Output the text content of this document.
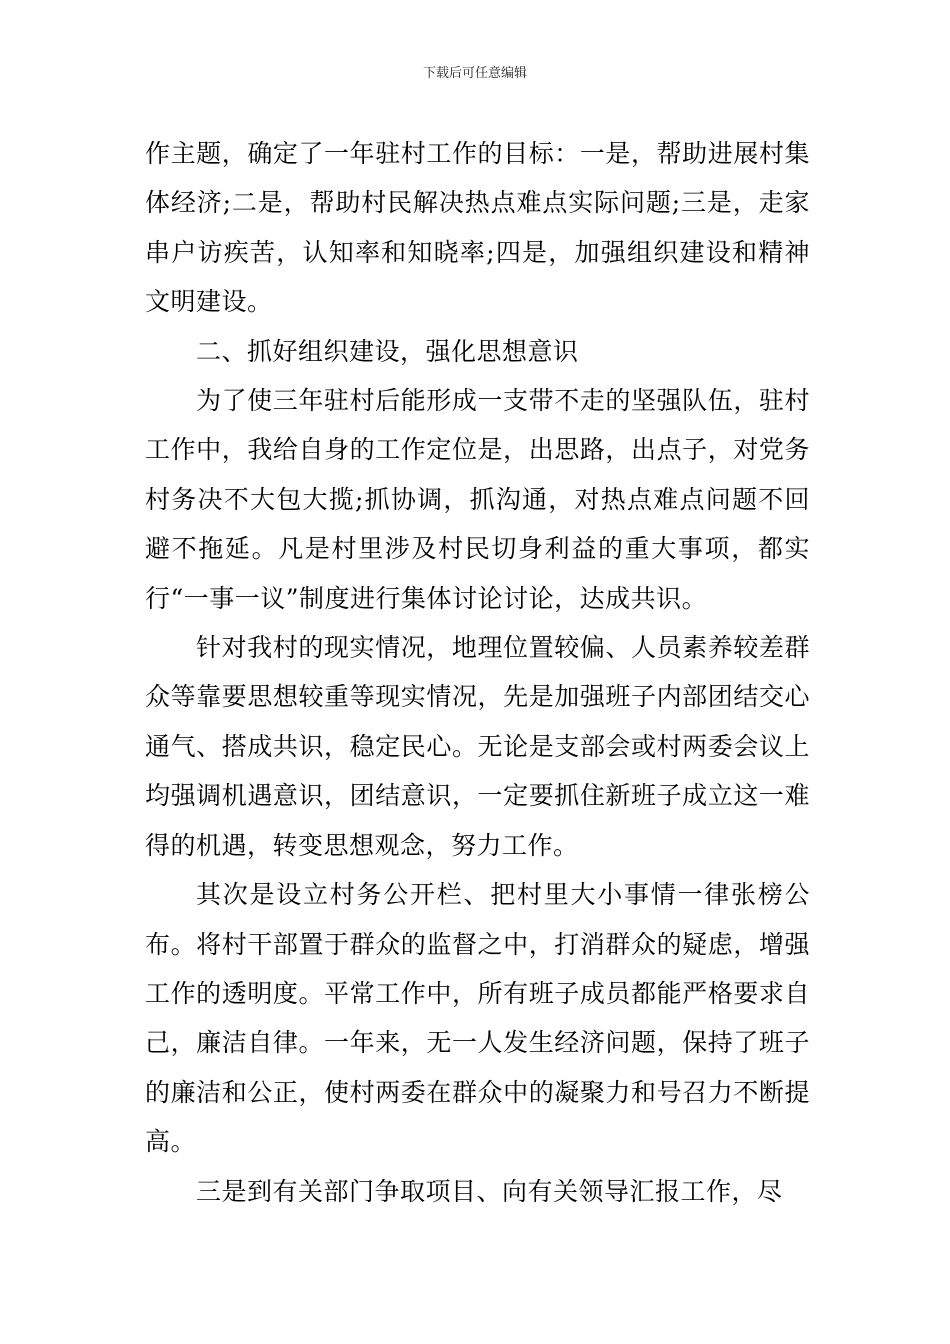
下载后可任意编辑

作主题，确定了一年驻村工作的目标：一是，帮助进展村集体经济;二是，帮助村民解决热点难点实际问题;三是，走家串户访疾苦，认知率和知晓率;四是，加强组织建设和精神文明建设。

二、抓好组织建设，强化思想意识

为了使三年驻村后能形成一支带不走的坚强队伍，驻村工作中，我给自身的工作定位是，出思路，出点子，对党务村务决不大包大揽;抓协调，抓沟通，对热点难点问题不回避不拖延。凡是村里涉及村民切身利益的重大事项，都实行“一事一议”制度进行集体讨论讨论，达成共识。

针对我村的现实情况，地理位置较偏、人员素养较差群众等靠要思想较重等现实情况，先是加强班子内部团结交心通气、搭成共识，稳定民心。无论是支部会或村两委会议上均强调机遇意识，团结意识，一定要抓住新班子成立这一难得的机遇，转变思想观念，努力工作。

其次是设立村务公开栏、把村里大小事情一律张榜公布。将村干部置于群众的监督之中，打消群众的疑虑，增强工作的透明度。平常工作中，所有班子成员都能严格要求自己，廉洁自律。一年来，无一人发生经济问题，保持了班子的廉洁和公正，使村两委在群众中的凝聚力和号召力不断提高。

三是到有关部门争取项目、向有关领导汇报工作，尽
